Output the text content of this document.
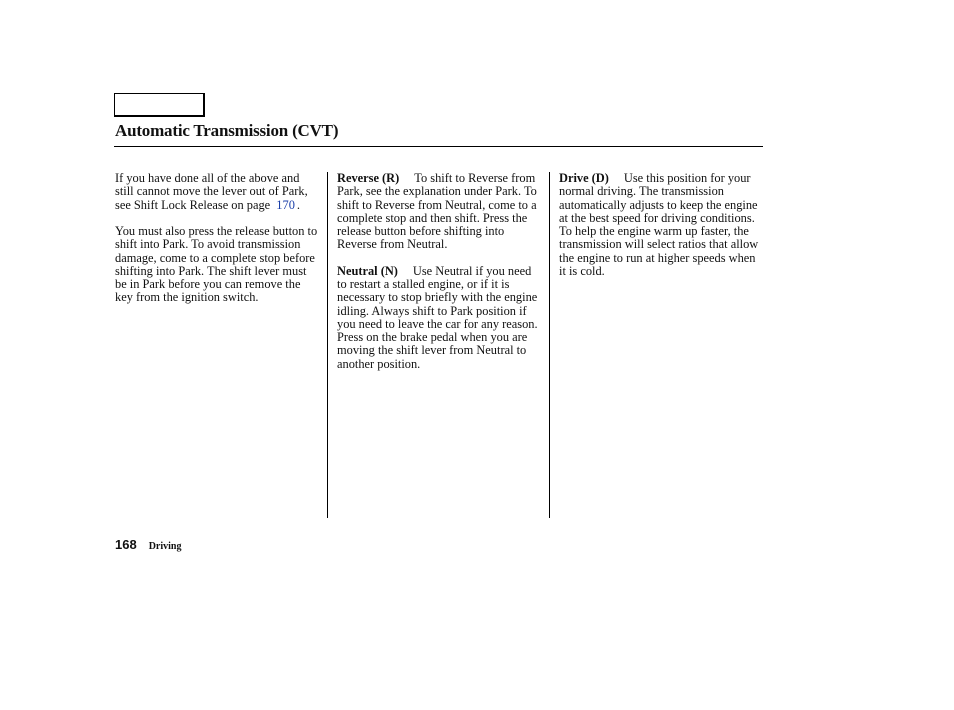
Automatic Transmission (CVT)

If you have done all of the above and still cannot move the lever out of Park, see Shift Lock Release on page 170 .

You must also press the release button to shift into Park. To avoid transmission damage, come to a complete stop before shifting into Park. The shift lever must be in Park before you can remove the key from the ignition switch.

Reverse (R) To shift to Reverse from Park, see the explanation under Park. To shift to Reverse from Neutral, come to a complete stop and then shift. Press the release button before shifting into Reverse from Neutral.

Neutral (N) Use Neutral if you need to restart a stalled engine, or if it is necessary to stop briefly with the engine idling. Always shift to Park position if you need to leave the car for any reason. Press on the brake pedal when you are moving the shift lever from Neutral to another position.

Drive (D) Use this position for your normal driving. The transmission automatically adjusts to keep the engine at the best speed for driving conditions. To help the engine warm up faster, the transmission will select ratios that allow the engine to run at higher speeds when it is cold.

168 Driving
